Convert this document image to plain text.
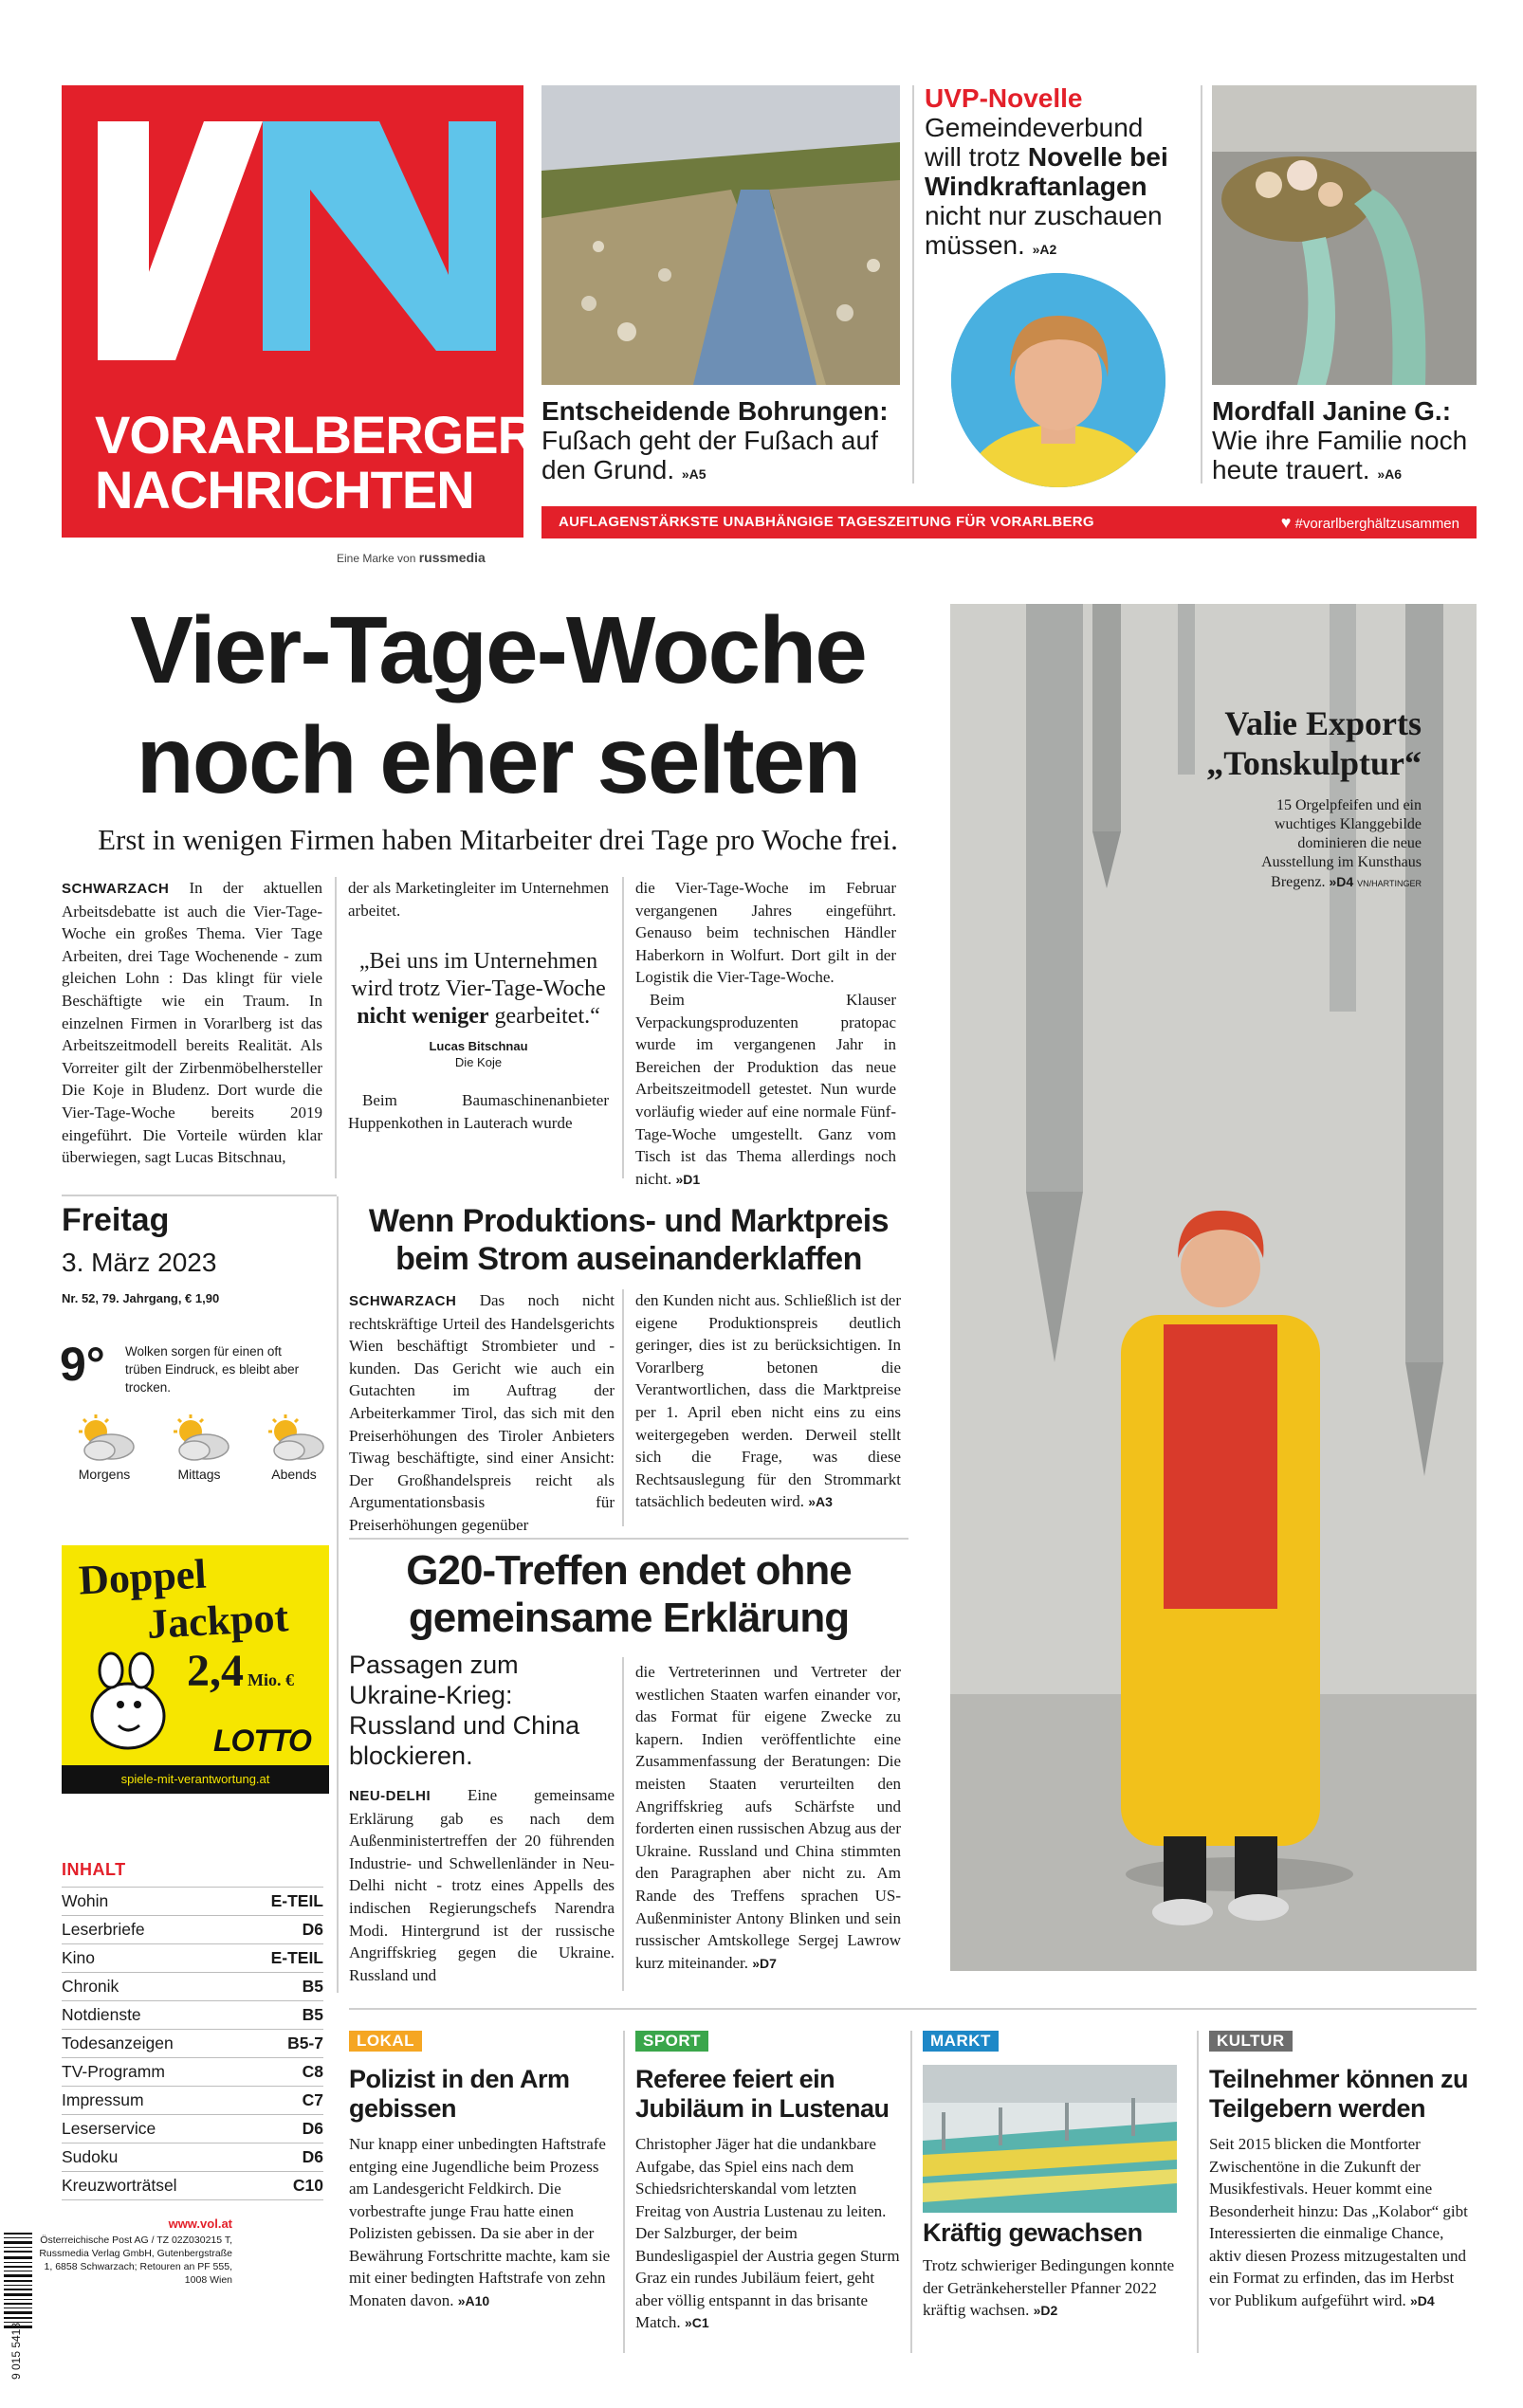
VORARLBERGER
NACHRICHTEN
Eine Marke von russmedia
Entscheidende Bohrungen: Fußach geht der Fußach auf den Grund. »A5
UVP-Novelle
Gemeindeverbund will trotz Novelle bei Windkraftanlagen nicht nur zuschauen müssen. »A2
Mordfall Janine G.: Wie ihre Familie noch heute trauert. »A6
AUFLAGENSTÄRKSTE UNABHÄNGIGE TAGESZEITUNG FÜR VORARLBERG	♥ #vorarlberghältzusammen
Vier-Tage-Woche
noch eher selten
Erst in wenigen Firmen haben Mitarbeiter drei Tage pro Woche frei.
SCHWARZACH In der aktuellen Arbeitsdebatte ist auch die Vier-Tage-Woche ein großes Thema. Vier Tage Arbeiten, drei Tage Wochenende - zum gleichen Lohn : Das klingt für viele Beschäftigte wie ein Traum. In einzelnen Firmen in Vorarlberg ist das Arbeitszeitmodell bereits Realität. Als Vorreiter gilt der Zirbenmöbelhersteller Die Koje in Bludenz. Dort wurde die Vier-Tage-Woche bereits 2019 eingeführt. Die Vorteile würden klar überwiegen, sagt Lucas Bitschnau,
der als Marketingleiter im Unternehmen arbeitet.
„Bei uns im Unternehmen wird trotz Vier-Tage-Woche nicht weniger gearbeitet.“
Lucas Bitschnau
Die Koje
Beim Baumaschinenanbieter Huppenkothen in Lauterach wurde
die Vier-Tage-Woche im Februar vergangenen Jahres eingeführt. Genauso beim technischen Händler Haberkorn in Wolfurt. Dort gilt in der Logistik die Vier-Tage-Woche.
Beim Klauser Verpackungsproduzenten pratopac wurde im vergangenen Jahr in Bereichen der Produktion das neue Arbeitszeitmodell getestet. Nun wurde vorläufig wieder auf eine normale Fünf-Tage-Woche umgestellt. Ganz vom Tisch ist das Thema allerdings noch nicht. »D1
Freitag
3. März 2023
Nr. 52, 79. Jahrgang, € 1,90
9° Wolken sorgen für einen oft trüben Eindruck, es bleibt aber trocken.
Morgens	Mittags	Abends
Doppel
Jackpot
2,4 Mio. €
LOTTO
spiele-mit-verantwortung.at
INHALT
Wohin	E-TEIL
Leserbriefe	D6
Kino	E-TEIL
Chronik	B5
Notdienste	B5
Todesanzeigen	B5-7
TV-Programm	C8
Impressum	C7
Leserservice	D6
Sudoku	D6
Kreuzworträtsel	C10
9 015 5413
www.vol.at
Österreichische Post AG / TZ 02Z030215 T, Russmedia Verlag GmbH, Gutenbergstraße 1, 6858 Schwarzach; Retouren an PF 555, 1008 Wien
Wenn Produktions- und Marktpreis
beim Strom auseinanderklaffen
SCHWARZACH Das noch nicht rechtskräftige Urteil des Handelsgerichts Wien beschäftigt Strombieter und -kunden. Das Gericht wie auch ein Gutachten im Auftrag der Arbeiterkammer Tirol, das sich mit den Preiserhöhungen des Tiroler Anbieters Tiwag beschäftigte, sind einer Ansicht: Der Großhandelspreis reicht als Argumentationsbasis für Preiserhöhungen gegenüber
den Kunden nicht aus. Schließlich ist der eigene Produktionspreis deutlich geringer, dies ist zu berücksichtigen. In Vorarlberg betonen die Verantwortlichen, dass die Marktpreise per 1. April eben nicht eins zu eins weitergegeben werden. Derweil stellt sich die Frage, was diese Rechtsauslegung für den Strommarkt tatsächlich bedeuten wird. »A3
G20-Treffen endet ohne
gemeinsame Erklärung
Passagen zum Ukraine-Krieg: Russland und China blockieren.
NEU-DELHI Eine gemeinsame Erklärung gab es nach dem Außenministertreffen der 20 führenden Industrie- und Schwellenländer in Neu-Delhi nicht - trotz eines Appells des indischen Regierungschefs Narendra Modi. Hintergrund ist der russische Angriffskrieg gegen die Ukraine. Russland und
die Vertreterinnen und Vertreter der westlichen Staaten warfen einander vor, das Format für eigene Zwecke zu kapern. Indien veröffentlichte eine Zusammenfassung der Beratungen: Die meisten Staaten verurteilten den Angriffskrieg aufs Schärfste und forderten einen russischen Abzug aus der Ukraine. Russland und China stimmten den Paragraphen aber nicht zu. Am Rande des Treffens sprachen US-Außenminister Antony Blinken und sein russischer Amtskollege Sergej Lawrow kurz miteinander. »D7
Valie Exports
„Tonskulptur“
15 Orgelpfeifen und ein wuchtiges Klanggebilde dominieren die neue Ausstellung im Kunsthaus Bregenz. »D4 VN/HARTINGER
LOKAL
Polizist in den Arm gebissen
Nur knapp einer unbedingten Haftstrafe entging eine Jugendliche beim Prozess am Landesgericht Feldkirch. Die vorbestrafte junge Frau hatte einen Polizisten gebissen. Da sie aber in der Bewährung Fortschritte machte, kam sie mit einer bedingten Haftstrafe von zehn Monaten davon. »A10
SPORT
Referee feiert ein Jubiläum in Lustenau
Christopher Jäger hat die undankbare Aufgabe, das Spiel eins nach dem Schiedsrichterskandal vom letzten Freitag von Austria Lustenau zu leiten. Der Salzburger, der beim Bundesligaspiel der Austria gegen Sturm Graz ein rundes Jubiläum feiert, geht aber völlig entspannt in das brisante Match. »C1
MARKT
Kräftig gewachsen
Trotz schwieriger Bedingungen konnte der Getränkehersteller Pfanner 2022 kräftig wachsen. »D2
KULTUR
Teilnehmer können zu Teilgebern werden
Seit 2015 blicken die Montforter Zwischentöne in die Zukunft der Musikfestivals. Heuer kommt eine Besonderheit hinzu: Das „Kolabor“ gibt Interessierten die einmalige Chance, aktiv diesen Prozess mitzugestalten und ein Format zu erfinden, das im Herbst vor Publikum aufgeführt wird. »D4
